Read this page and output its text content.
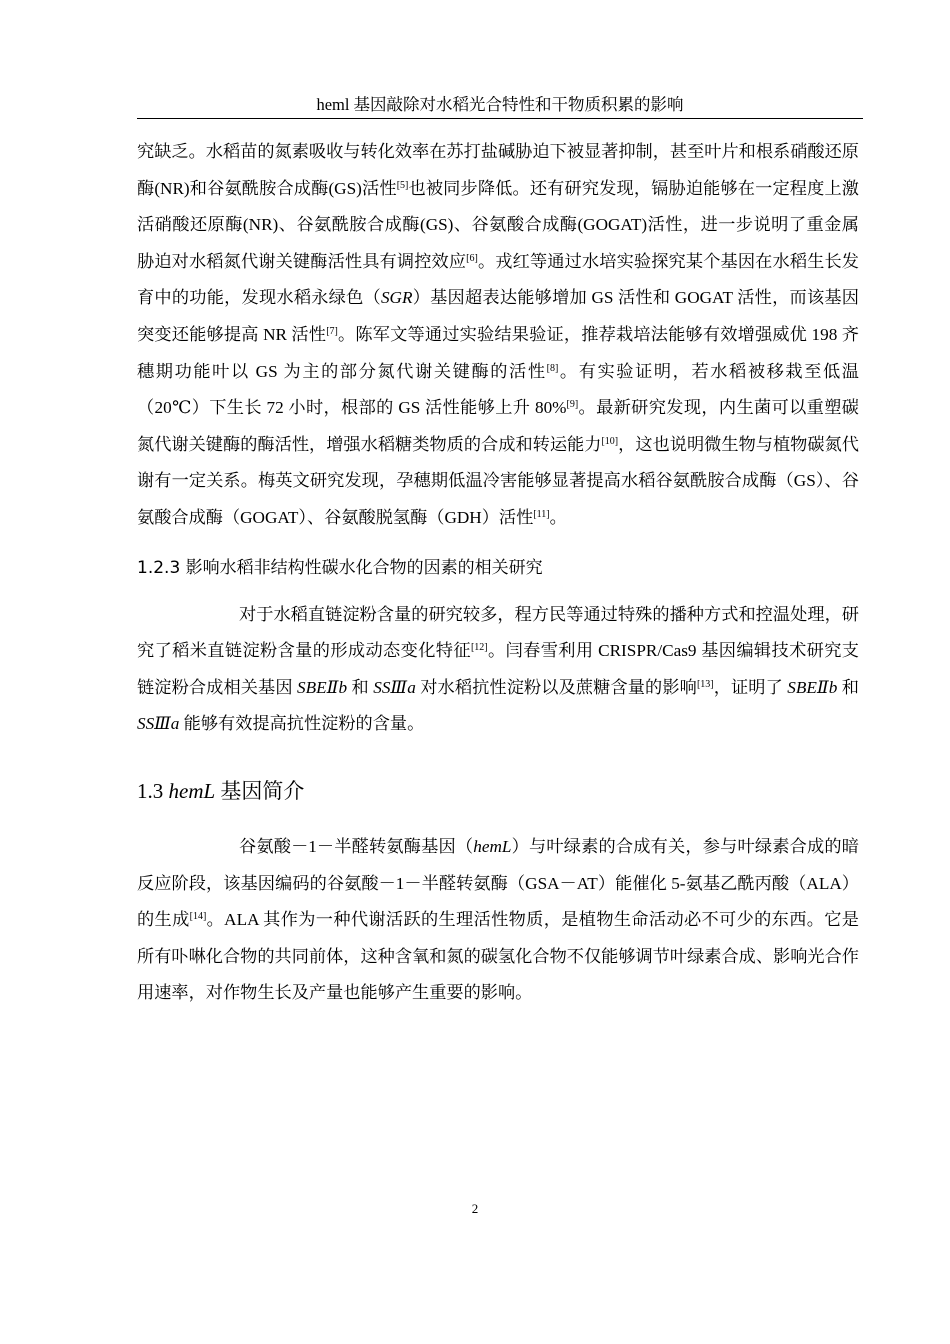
heml 基因敲除对水稻光合特性和干物质积累的影响

究缺乏。水稻苗的氮素吸收与转化效率在苏打盐碱胁迫下被显著抑制，甚至叶片和根系硝酸还原酶(NR)和谷氨酰胺合成酶(GS)活性[5]也被同步降低。还有研究发现，镉胁迫能够在一定程度上激活硝酸还原酶(NR)、谷氨酰胺合成酶(GS)、谷氨酸合成酶(GOGAT)活性，进一步说明了重金属胁迫对水稻氮代谢关键酶活性具有调控效应[6]。戎红等通过水培实验探究某个基因在水稻生长发育中的功能，发现水稻永绿色（SGR）基因超表达能够增加 GS 活性和 GOGAT 活性，而该基因突变还能够提高 NR 活性[7]。陈军文等通过实验结果验证，推荐栽培法能够有效增强威优 198 齐穗期功能叶以 GS 为主的部分氮代谢关键酶的活性[8]。有实验证明，若水稻被移栽至低温（20℃）下生长 72 小时，根部的 GS 活性能够上升 80%[9]。最新研究发现，内生菌可以重塑碳氮代谢关键酶的酶活性，增强水稻糖类物质的合成和转运能力[10]，这也说明微生物与植物碳氮代谢有一定关系。梅英文研究发现，孕穗期低温冷害能够显著提高水稻谷氨酰胺合成酶（GS）、谷氨酸合成酶（GOGAT）、谷氨酸脱氢酶（GDH）活性[11]。

1.2.3 影响水稻非结构性碳水化合物的因素的相关研究

对于水稻直链淀粉含量的研究较多，程方民等通过特殊的播种方式和控温处理，研究了稻米直链淀粉含量的形成动态变化特征[12]。闫春雪利用 CRISPR/Cas9 基因编辑技术研究支链淀粉合成相关基因 SBEⅡb 和 SSⅢa 对水稻抗性淀粉以及蔗糖含量的影响[13]，证明了 SBEⅡb 和 SSⅢa 能够有效提高抗性淀粉的含量。

1.3 hemL 基因简介

谷氨酸－1－半醛转氨酶基因（hemL）与叶绿素的合成有关，参与叶绿素合成的暗反应阶段，该基因编码的谷氨酸－1－半醛转氨酶（GSA－AT）能催化 5-氨基乙酰丙酸（ALA）的生成[14]。ALA 其作为一种代谢活跃的生理活性物质，是植物生命活动必不可少的东西。它是所有卟啉化合物的共同前体，这种含氧和氮的碳氢化合物不仅能够调节叶绿素合成、影响光合作用速率，对作物生长及产量也能够产生重要的影响。

2
